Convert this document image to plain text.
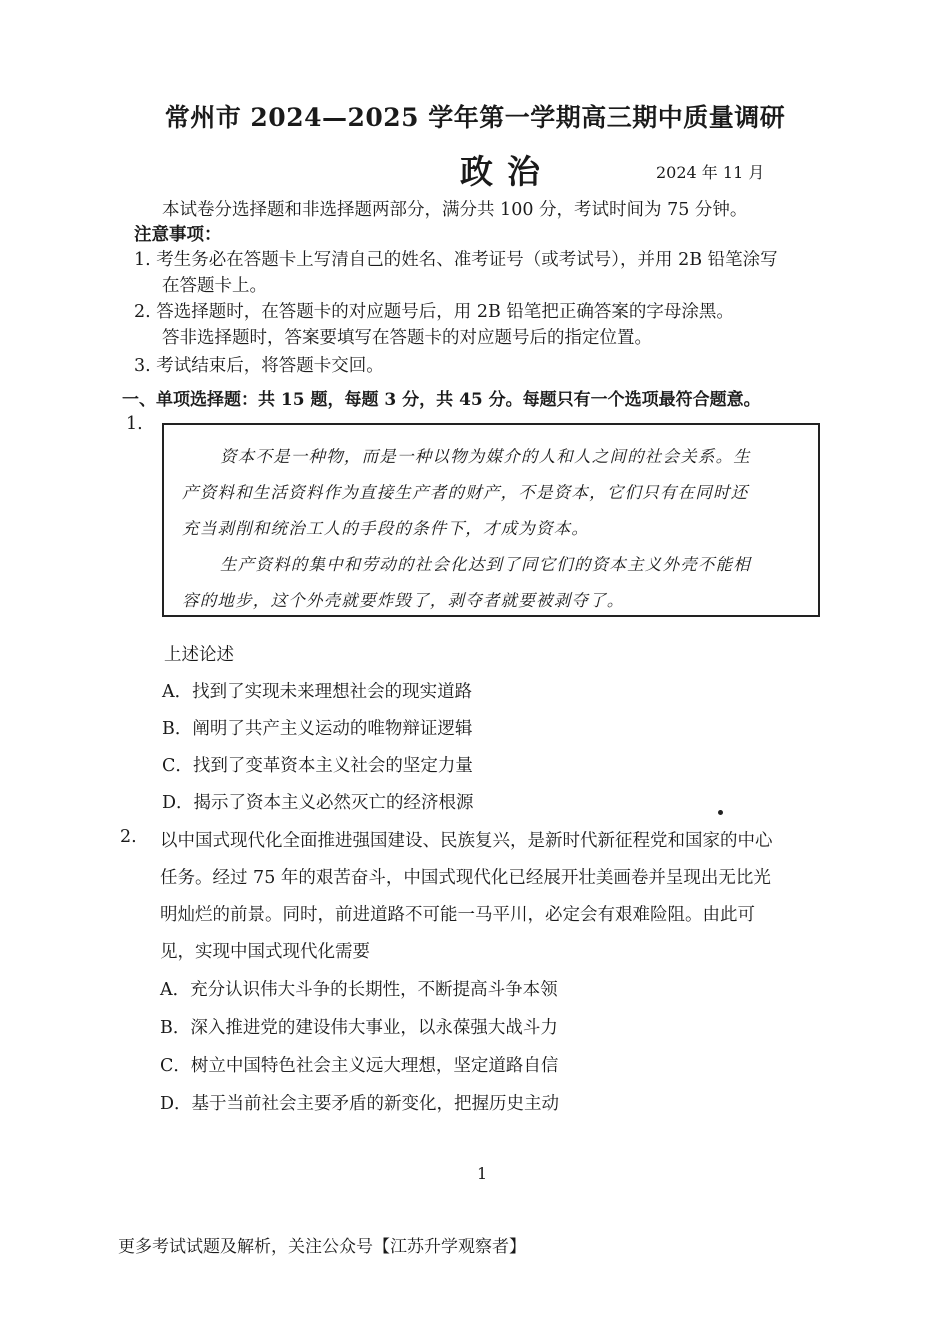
常州市 2024—2025 学年第一学期高三期中质量调研
政治	2024 年 11 月
本试卷分选择题和非选择题两部分，满分共 100 分，考试时间为 75 分钟。
注意事项：
1. 考生务必在答题卡上写清自己的姓名、准考证号（或考试号），并用 2B 铅笔涂写
在答题卡上。
2. 答选择题时，在答题卡的对应题号后，用 2B 铅笔把正确答案的字母涂黑。
答非选择题时，答案要填写在答题卡的对应题号后的指定位置。
3. 考试结束后，将答题卡交回。
一、单项选择题：共 15 题，每题 3 分，共 45 分。每题只有一个选项最符合题意。
1.

资本不是一种物，而是一种以物为媒介的人和人之间的社会关系。生

产资料和生活资料作为直接生产者的财产，不是资本，它们只有在同时还

充当剥削和统治工人的手段的条件下，才成为资本。

生产资料的集中和劳动的社会化达到了同它们的资本主义外壳不能相

容的地步，这个外壳就要炸毁了，剥夺者就要被剥夺了。

上述论述
A．找到了实现未来理想社会的现实道路
B．阐明了共产主义运动的唯物辩证逻辑
C．找到了变革资本主义社会的坚定力量
D．揭示了资本主义必然灭亡的经济根源
2. 以中国式现代化全面推进强国建设、民族复兴，是新时代新征程党和国家的中心
任务。经过 75 年的艰苦奋斗，中国式现代化已经展开壮美画卷并呈现出无比光
明灿烂的前景。同时，前进道路不可能一马平川，必定会有艰难险阻。由此可
见，实现中国式现代化需要
A．充分认识伟大斗争的长期性，不断提高斗争本领
B．深入推进党的建设伟大事业，以永葆强大战斗力
C．树立中国特色社会主义远大理想，坚定道路自信
D．基于当前社会主要矛盾的新变化，把握历史主动
1
更多考试试题及解析，关注公众号【江苏升学观察者】
